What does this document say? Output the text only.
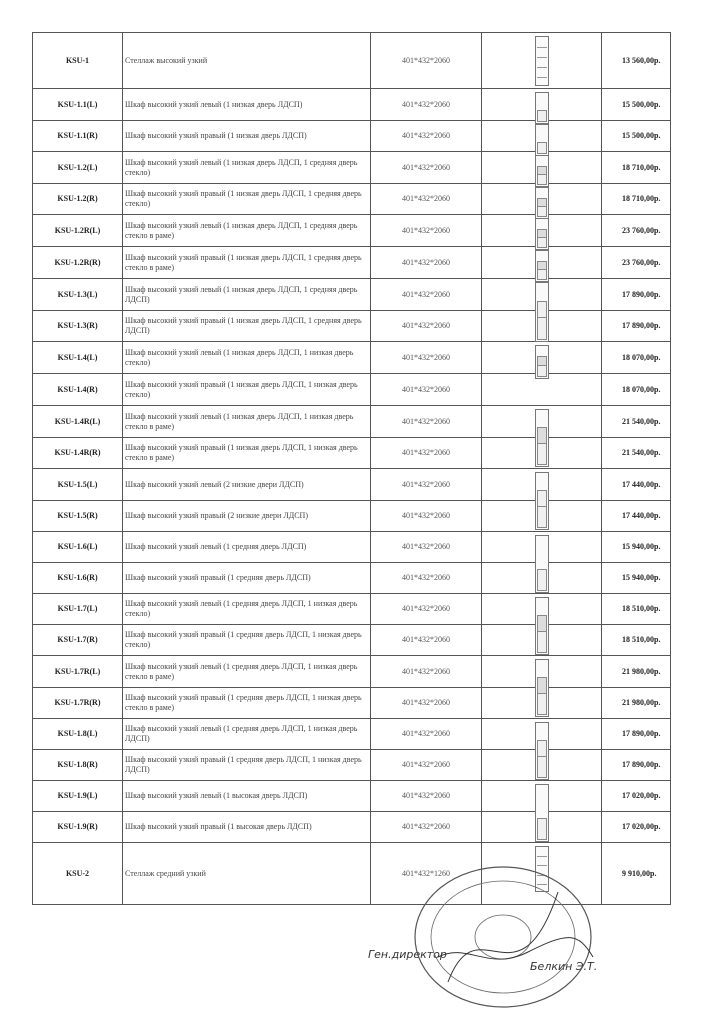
KSU-1	Стеллаж высокий узкий	401*432*2060		13 560,00р.
KSU-1.1(L)	Шкаф высокий узкий левый (1 низкая дверь ЛДСП)	401*432*2060		15 500,00р.
KSU-1.1(R)	Шкаф высокий узкий правый (1 низкая дверь ЛДСП)	401*432*2060		15 500,00р.
KSU-1.2(L)	Шкаф высокий узкий левый (1 низкая дверь ЛДСП, 1 средняя дверь стекло)	401*432*2060		18 710,00р.
KSU-1.2(R)	Шкаф высокий узкий правый (1 низкая дверь ЛДСП, 1 средняя дверь стекло)	401*432*2060		18 710,00р.
KSU-1.2R(L)	Шкаф высокий узкий левый (1 низкая дверь ЛДСП, 1 средняя дверь стекло в раме)	401*432*2060		23 760,00р.
KSU-1.2R(R)	Шкаф высокий узкий правый (1 низкая дверь ЛДСП, 1 средняя дверь стекло в раме)	401*432*2060		23 760,00р.
KSU-1.3(L)	Шкаф высокий узкий левый (1 низкая дверь ЛДСП, 1 средняя дверь ЛДСП)	401*432*2060		17 890,00р.
KSU-1.3(R)	Шкаф высокий узкий правый (1 низкая дверь ЛДСП, 1 средняя дверь ЛДСП)	401*432*2060		17 890,00р.
KSU-1.4(L)	Шкаф высокий узкий левый (1 низкая дверь ЛДСП, 1 низкая дверь стекло)	401*432*2060		18 070,00р.
KSU-1.4(R)	Шкаф высокий узкий правый (1 низкая дверь ЛДСП, 1 низкая дверь стекло)	401*432*2060		18 070,00р.
KSU-1.4R(L)	Шкаф высокий узкий левый (1 низкая дверь ЛДСП, 1 низкая дверь стекло в раме)	401*432*2060		21 540,00р.
KSU-1.4R(R)	Шкаф высокий узкий правый (1 низкая дверь ЛДСП, 1 низкая дверь стекло в раме)	401*432*2060		21 540,00р.
KSU-1.5(L)	Шкаф высокий узкий левый (2 низкие двери ЛДСП)	401*432*2060		17 440,00р.
KSU-1.5(R)	Шкаф высокий узкий правый (2 низкие двери ЛДСП)	401*432*2060		17 440,00р.
KSU-1.6(L)	Шкаф высокий узкий левый (1 средняя дверь ЛДСП)	401*432*2060		15 940,00р.
KSU-1.6(R)	Шкаф высокий узкий правый (1 средняя дверь ЛДСП)	401*432*2060		15 940,00р.
KSU-1.7(L)	Шкаф высокий узкий левый (1 средняя дверь ЛДСП, 1 низкая дверь стекло)	401*432*2060		18 510,00р.
KSU-1.7(R)	Шкаф высокий узкий правый (1 средняя дверь ЛДСП, 1 низкая дверь стекло)	401*432*2060		18 510,00р.
KSU-1.7R(L)	Шкаф высокий узкий левый (1 средняя дверь ЛДСП, 1 низкая дверь стекло в раме)	401*432*2060		21 980,00р.
KSU-1.7R(R)	Шкаф высокий узкий правый (1 средняя дверь ЛДСП, 1 низкая дверь стекло в раме)	401*432*2060		21 980,00р.
KSU-1.8(L)	Шкаф высокий узкий левый (1 средняя дверь ЛДСП, 1 низкая дверь ЛДСП)	401*432*2060		17 890,00р.
KSU-1.8(R)	Шкаф высокий узкий правый (1 средняя дверь ЛДСП, 1 низкая дверь ЛДСП)	401*432*2060		17 890,00р.
KSU-1.9(L)	Шкаф высокий узкий левый (1 высокая дверь ЛДСП)	401*432*2060		17 020,00р.
KSU-1.9(R)	Шкаф высокий узкий правый (1 высокая дверь ЛДСП)	401*432*2060		17 020,00р.
KSU-2	Стеллаж средний узкий	401*432*1260		9 910,00р.
Ген.директор
Белкин Э.Т.
